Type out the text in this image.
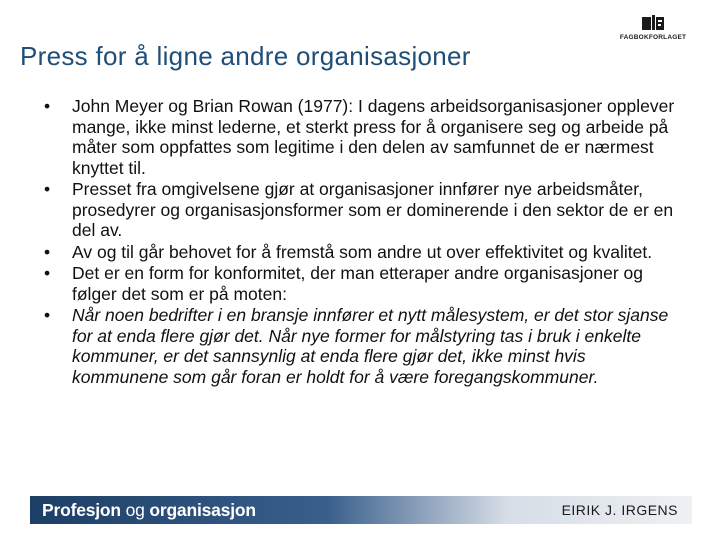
FAGBOKFORLAGET
Press for å ligne andre organisasjoner
•	John Meyer og Brian Rowan (1977): I dagens arbeidsorganisasjoner opplever mange, ikke minst lederne, et sterkt press for å organisere seg og arbeide på måter som oppfattes som legitime i den delen av samfunnet de er nærmest knyttet til.
•	Presset fra omgivelsene gjør at organisasjoner innfører nye arbeidsmåter, prosedyrer og organisasjonsformer som er dominerende i den sektor de er en del av.
•	Av og til går behovet for å fremstå som andre ut over effektivitet og kvalitet.
•	Det er en form for konformitet, der man etteraper andre organisasjoner og følger det som er på moten:
•	Når noen bedrifter i en bransje innfører et nytt målesystem, er det stor sjanse for at enda flere gjør det. Når nye former for målstyring tas i bruk i enkelte kommuner, er det sannsynlig at enda flere gjør det, ikke minst hvis kommunene som går foran er holdt for å være foregangskommuner.
Profesjon og organisasjon	EIRIK J. IRGENS
